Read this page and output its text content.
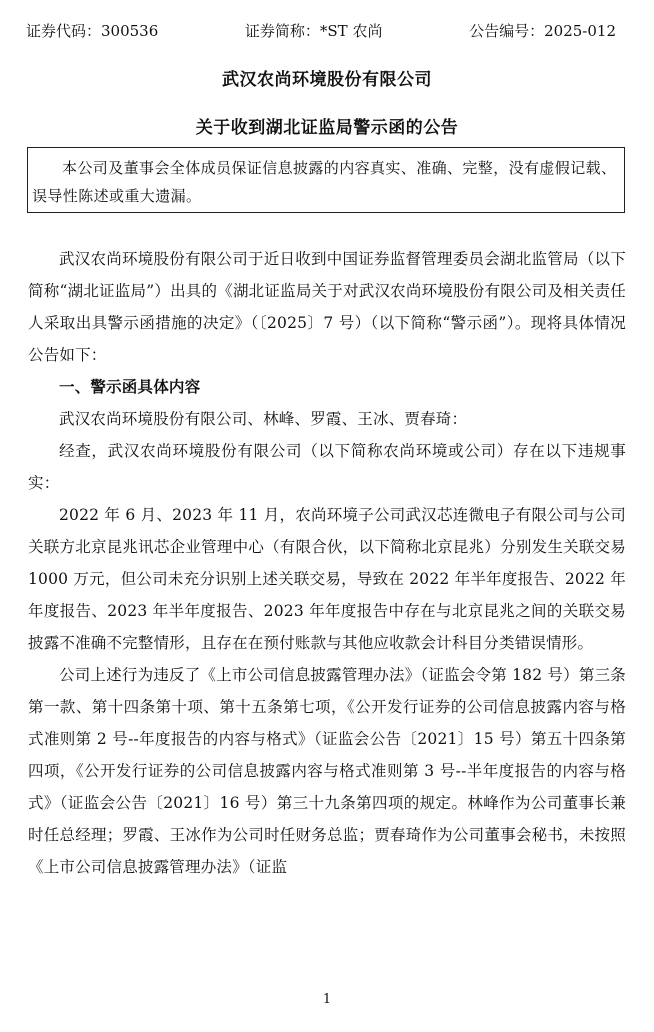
证券代码：300536	证券简称：*ST 农尚	公告编号：2025-012
武汉农尚环境股份有限公司
关于收到湖北证监局警示函的公告
本公司及董事会全体成员保证信息披露的内容真实、准确、完整，没有虚假记载、误导性陈述或重大遗漏。

武汉农尚环境股份有限公司于近日收到中国证券监督管理委员会湖北监管局（以下简称“湖北证监局”）出具的《湖北证监局关于对武汉农尚环境股份有限公司及相关责任人采取出具警示函措施的决定》（〔2025〕7 号）（以下简称“警示函”）。现将具体情况公告如下：

一、警示函具体内容

武汉农尚环境股份有限公司、林峰、罗霞、王冰、贾春琦：

经查，武汉农尚环境股份有限公司（以下简称农尚环境或公司）存在以下违规事实：

2022 年 6 月、2023 年 11 月，农尚环境子公司武汉芯连微电子有限公司与公司关联方北京昆兆讯芯企业管理中心（有限合伙，以下简称北京昆兆）分别发生关联交易 1000 万元，但公司未充分识别上述关联交易，导致在 2022 年半年度报告、2022 年年度报告、2023 年半年度报告、2023 年年度报告中存在与北京昆兆之间的关联交易披露不准确不完整情形，且存在在预付账款与其他应收款会计科目分类错误情形。

公司上述行为违反了《上市公司信息披露管理办法》（证监会令第 182 号）第三条第一款、第十四条第十项、第十五条第七项，《公开发行证券的公司信息披露内容与格式准则第 2 号--年度报告的内容与格式》（证监会公告〔2021〕15 号）第五十四条第四项，《公开发行证券的公司信息披露内容与格式准则第 3 号--半年度报告的内容与格式》（证监会公告〔2021〕16 号）第三十九条第四项的规定。林峰作为公司董事长兼时任总经理；罗霞、王冰作为公司时任财务总监；贾春琦作为公司董事会秘书，未按照《上市公司信息披露管理办法》（证监

1
